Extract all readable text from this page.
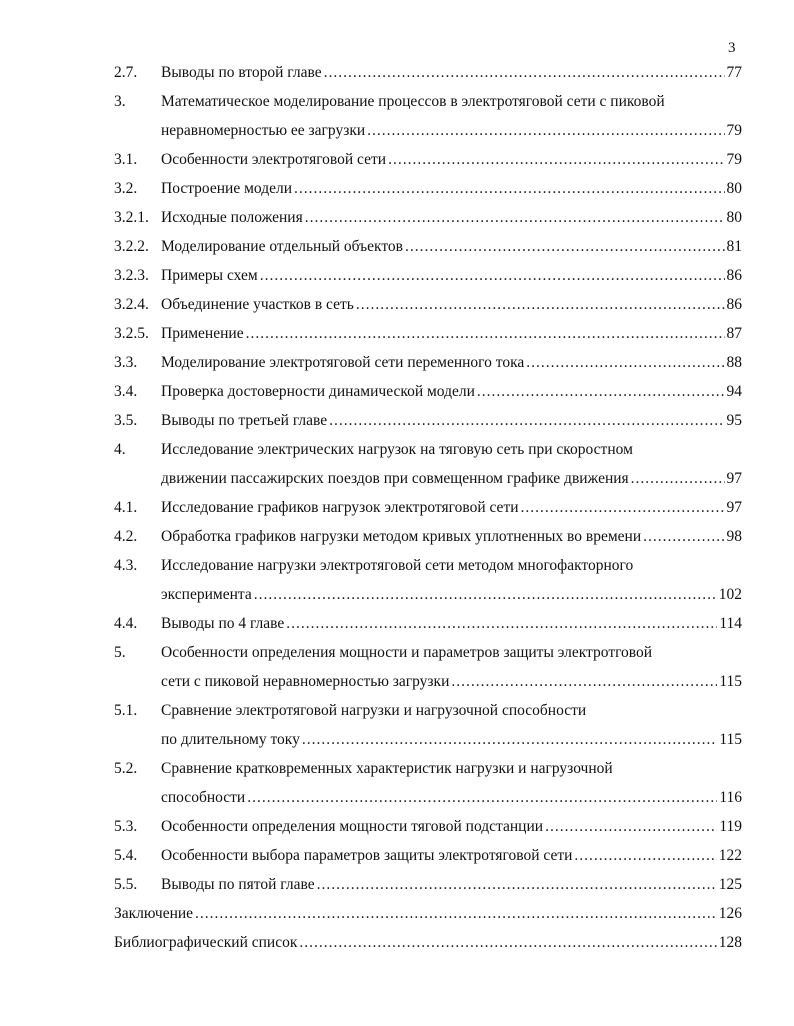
3
2.7.	Выводы по второй главе .....	77
3.	Математическое моделирование процессов в электротяговой сети с пиковой
неравномерностью ее загрузки .....	79
3.1.	Особенности электротяговой сети .....	79
3.2.	Построение модели .....	80
3.2.1. Исходные положения .....	80
3.2.2. Моделирование отдельный объектов .....	81
3.2.3. Примеры схем .....	86
3.2.4. Объединение участков в сеть .....	86
3.2.5. Применение .....	87
3.3.	Моделирование электротяговой сети переменного тока .....	88
3.4.	Проверка достоверности динамической модели .....	94
3.5.	Выводы по третьей главе .....	95
4.	Исследование электрических нагрузок на тяговую сеть при скоростном
движении пассажирских поездов при совмещенном графике движения .....	97
4.1.	Исследование графиков нагрузок электротяговой сети .....	97
4.2.	Обработка графиков нагрузки методом кривых уплотненных во времени .....	98
4.3.	Исследование нагрузки электротяговой сети методом многофакторного
эксперимента .....	102
4.4.	Выводы по 4 главе .....	114
5.	Особенности определения мощности и параметров защиты электротговой
сети с пиковой неравномерностью загрузки .....	115
5.1.	Сравнение электротяговой нагрузки и нагрузочной способности
по длительному току .....	115
5.2.	Сравнение кратковременных характеристик нагрузки и нагрузочной
способности .....	116
5.3.	Особенности определения мощности тяговой подстанции .....	119
5.4.	Особенности выбора параметров защиты электротяговой сети .....	122
5.5.	Выводы по пятой главе .....	125
Заключение .....	126
Библиографический список .....	128
